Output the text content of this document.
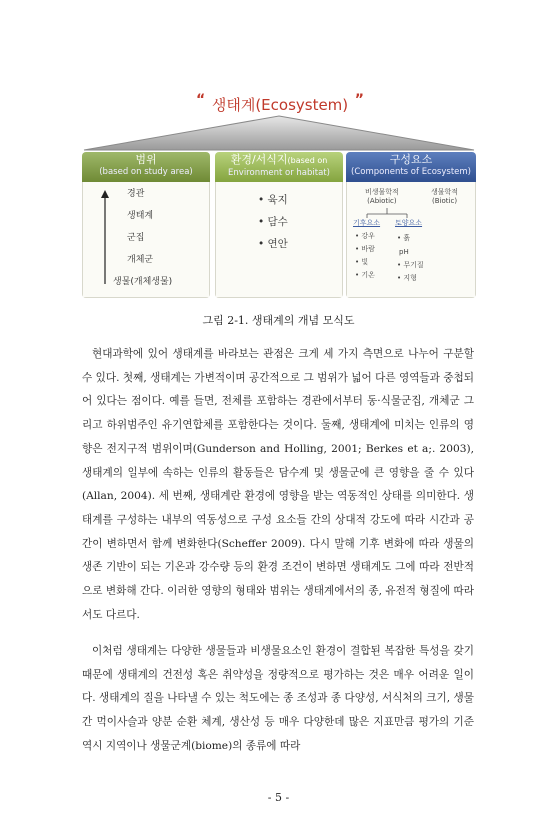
“ 생태계(Ecosystem) ”
범위
(based on study area)
경관
생태계
군집
개체군
생물(개체생물)
환경/서식지(based on
Environment or habitat)
• 육지
• 담수
• 연안
구성요소
(Components of Ecosystem)
비생물학적
(Abiotic)
생물학적
(Biotic)
기후요소 토양요소
• 강우
• 바람
• 빛
• 기온
• 흙
pH
• 무기질
• 지형
그림 2-1. 생태계의 개념 모식도

현대과학에 있어 생태계를 바라보는 관점은 크게 세 가지 측면으로 나누어 구분할 수 있다. 첫째, 생태계는 가변적이며 공간적으로 그 범위가 넓어 다른 영역들과 중첩되어 있다는 점이다. 예를 들면, 전체를 포함하는 경관에서부터 동·식물군집, 개체군 그리고 하위범주인 유기연합체를 포함한다는 것이다. 둘째, 생태계에 미치는 인류의 영향은 전지구적 범위이며(Gunderson and Holling, 2001; Berkes et a;. 2003), 생태계의 일부에 속하는 인류의 활동들은 담수계 및 생물군에 큰 영향을 줄 수 있다(Allan, 2004). 세 번째, 생태계란 환경에 영향을 받는 역동적인 상태를 의미한다. 생태계를 구성하는 내부의 역동성으로 구성 요소들 간의 상대적 강도에 따라 시간과 공간이 변하면서 함께 변화한다(Scheffer 2009). 다시 말해 기후 변화에 따라 생물의 생존 기반이 되는 기온과 강수량 등의 환경 조건이 변하면 생태계도 그에 따라 전반적으로 변화해 간다. 이러한 영향의 형태와 범위는 생태계에서의 종, 유전적 형질에 따라서도 다르다.

이처럼 생태계는 다양한 생물들과 비생물요소인 환경이 결합된 복잡한 특성을 갖기 때문에 생태계의 건전성 혹은 취약성을 정량적으로 평가하는 것은 매우 어려운 일이다. 생태계의 질을 나타낼 수 있는 척도에는 종 조성과 종 다양성, 서식처의 크기, 생물간 먹이사슬과 양분 순환 체계, 생산성 등 매우 다양한데 많은 지표만큼 평가의 기준 역시 지역이나 생물군계(biome)의 종류에 따라

- 5 -
